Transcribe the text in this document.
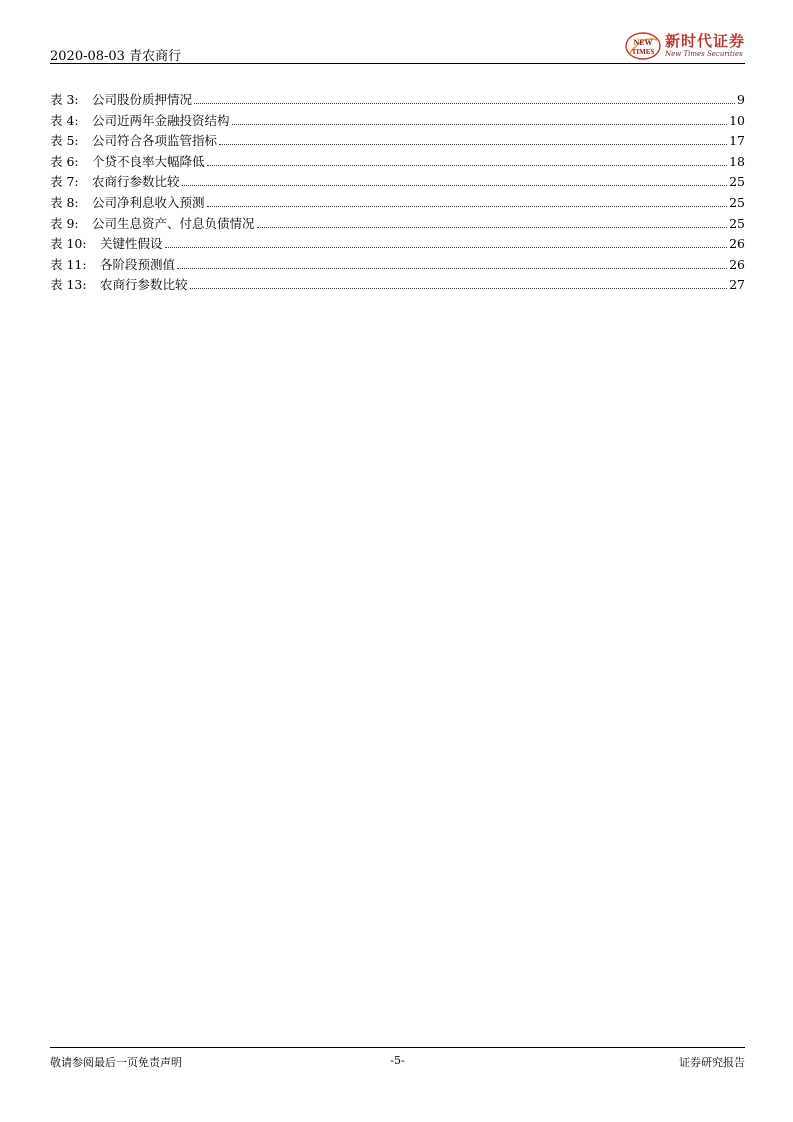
2020-08-03 青农商行
NEW
TIMES
新时代证券
New Times Securities
表 3:	公司股份质押情况	9
表 4:	公司近两年金融投资结构	10
表 5:	公司符合各项监管指标	17
表 6:	个贷不良率大幅降低	18
表 7:	农商行参数比较	25
表 8:	公司净利息收入预测	25
表 9:	公司生息资产、付息负债情况	25
表 10:	关键性假设	26
表 11:	各阶段预测值	26
表 13:	农商行参数比较	27
敬请参阅最后一页免责声明	-5-	证券研究报告
